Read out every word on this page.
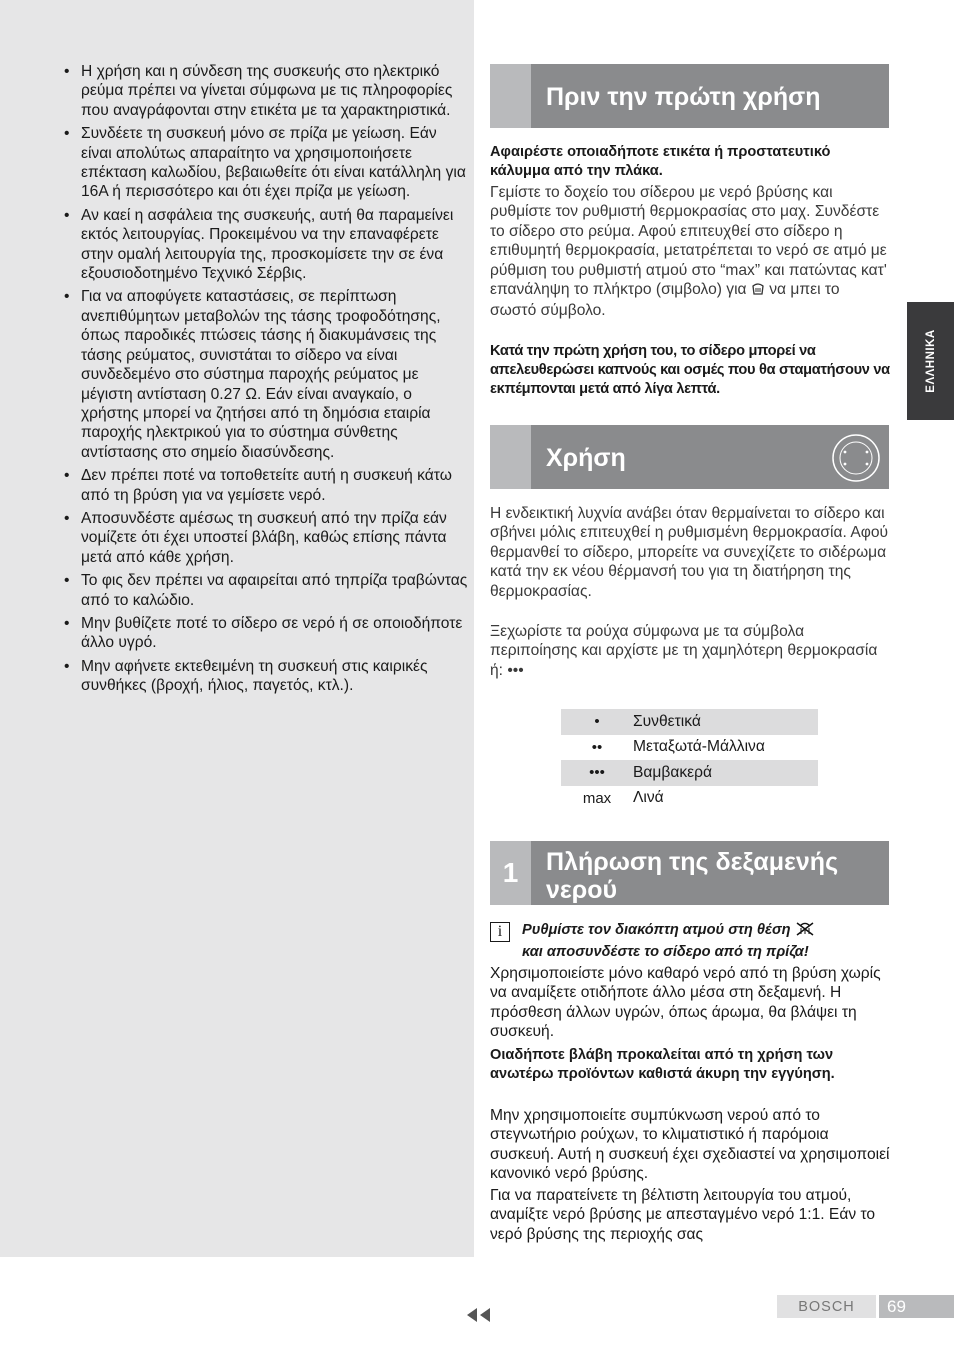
• Η χρήση και η σύνδεση της συσκευής στο ηλεκτρικό ρεύμα πρέπει να γίνεται σύμφωνα με τις πληροφορίες που αναγράφονται στην ετικέτα με τα χαρακτηριστικά.
• Συνδέετε τη συσκευή μόνο σε πρίζα με γείωση. Εάν είναι απολύτως απαραίτητο να χρησιμοποιήσετε επέκταση καλωδίου, βεβαιωθείτε ότι είναι κατάλληλη για 16A ή περισσότερο και ότι έχει πρίζα με γείωση.
• Αν καεί η ασφάλεια της συσκευής, αυτή θα παραμείνει εκτός λειτουργίας. Προκειμένου να την επαναφέρετε στην ομαλή λειτουργία της, προσκομίσετε την σε ένα εξουσιοδοτημένο Τεχνικό Σέρβις.
• Για να αποφύγετε καταστάσεις, σε περίπτωση ανεπιθύμητων μεταβολών της τάσης τροφοδότησης, όπως παροδικές πτώσεις τάσης ή διακυμάνσεις της τάσης ρεύματος, συνιστάται το σίδερο να είναι συνδεδεμένο στο σύστημα παροχής ρεύματος με μέγιστη αντίσταση 0.27 Ω. Εάν είναι αναγκαίο, ο χρήστης μπορεί να ζητήσει από τη δημόσια εταιρία παροχής ηλεκτρικού για το σύστημα σύνθετης αντίστασης στο σημείο διασύνδεσης.
• Δεν πρέπει ποτέ να τοποθετείτε αυτή η συσκευή κάτω από τη βρύση για να γεμίσετε νερό.
• Αποσυνδέστε αμέσως τη συσκευή από την πρίζα εάν νομίζετε ότι έχει υποστεί βλάβη, καθώς επίσης πάντα μετά από κάθε χρήση.
• Το φις δεν πρέπει να αφαιρείται από τηπρίζα τραβώντας από το καλώδιο.
• Μην βυθίζετε ποτέ το σίδερο σε νερό ή σε οποιοδήποτε άλλο υγρό.
• Μην αφήνετε εκτεθειμένη τη συσκευή στις καιρικές συνθήκες (βροχή, ήλιος, παγετός, κτλ.).
Πριν την πρώτη χρήση

Αφαιρέστε οποιαδήποτε ετικέτα ή προστατευτικό κάλυμμα από την πλάκα.

Γεμίστε το δοχείο του σίδερου με νερό βρύσης και ρυθμίστε τον ρυθμιστή θερμοκρασίας στο μαχ. Συνδέστε το σίδερο στο ρεύμα. Αφού επιτευχθεί στο σίδερο η επιθυμητή θερμοκρασία, μετατρέπεται το νερό σε ατμό με ρύθμιση του ρυθμιστή ατμού στο “max” και πατώντας κατ' επανάληψη το πλήκτρο (σιμβολο) για να μπει το σωστό σύμβολο.

Κατά την πρώτη χρήση του, το σίδερο μπορεί να απελευθερώσει καπνούς και οσμές που θα σταματήσουν να εκπέμπονται μετά από λίγα λεπτά.

Χρήση

Η ενδεικτική λυχνία ανάβει όταν θερμαίνεται το σίδερο και σβήνει μόλις επιτευχθεί η ρυθμισμένη θερμοκρασία. Αφού θερμανθεί το σίδερο, μπορείτε να συνεχίζετε το σιδέρωμα κατά την εκ νέου θέρμανσή του για τη διατήρηση της θερμοκρασίας.

Ξεχωρίστε τα ρούχα σύμφωνα με τα σύμβολα περιποίησης και αρχίστε με τη χαμηλότερη θερμοκρασία ή: •••

•	Συνθετικά
••	Μεταξωτά-Μάλλινα
•••	Βαμβακερά
max	Λινά
1	Πλήρωση της δεξαμενής
νερού
i	Ρυθμίστε τον διακόπτη ατμού στη θέση
και αποσυνδέστε το σίδερο από τη πρίζα!

Χρησιμοποιείστε μόνο καθαρό νερό από τη βρύση χωρίς να αναμίξετε οτιδήποτε άλλο μέσα στη δεξαμενή. Η πρόσθεση άλλων υγρών, όπως άρωμα, θα βλάψει τη συσκευή.

Οιαδήποτε βλάβη προκαλείται από τη χρήση των ανωτέρω προϊόντων καθιστά άκυρη την εγγύηση.

Μην χρησιμοποιείτε συμπύκνωση νερού από το στεγνωτήριο ρούχων, το κλιματιστικό ή παρόμοια συσκευή. Αυτή η συσκευή έχει σχεδιαστεί να χρησιμοποιεί κανονικό νερό βρύσης.

Για να παρατείνετε τη βέλτιστη λειτουργία του ατμού, αναμίξτε νερό βρύσης με απεσταγμένο νερό 1:1. Εάν το νερό βρύσης της περιοχής σας

ΕΛΛΗΝΙΚΑ
BOSCH	69
